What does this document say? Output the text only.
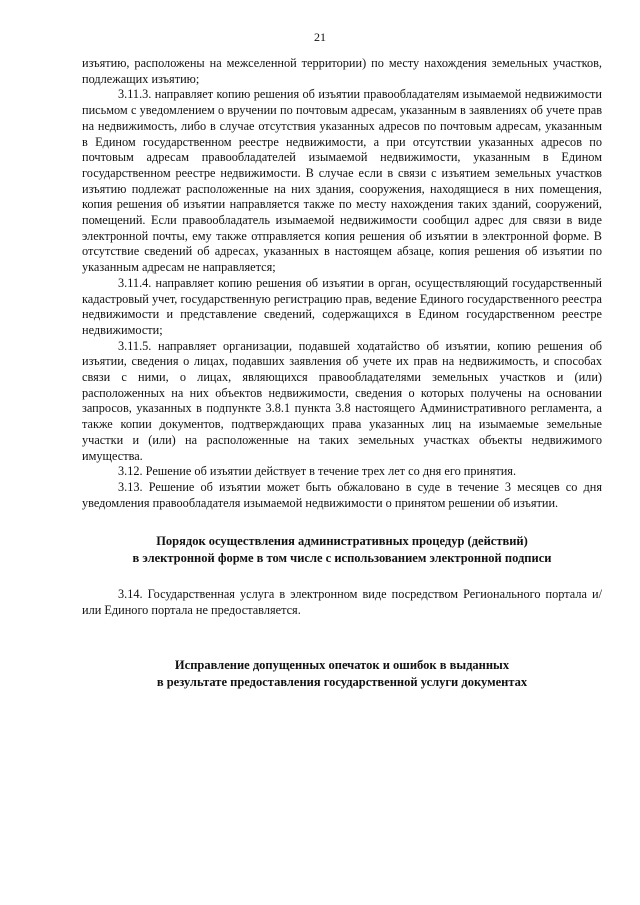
21

изъятию, расположены на межселенной территории) по месту нахождения земельных участков, подлежащих изъятию;

3.11.3. направляет копию решения об изъятии правообладателям изымаемой недвижимости письмом с уведомлением о вручении по почтовым адресам, указанным в заявлениях об учете прав на недвижимость, либо в случае отсутствия указанных адресов по почтовым адресам, указанным в Едином государственном реестре недвижимости, а при отсутствии указанных адресов по почтовым адресам правообладателей изымаемой недвижимости, указанным в Едином государственном реестре недвижимости. В случае если в связи с изъятием земельных участков изъятию подлежат расположенные на них здания, сооружения, находящиеся в них помещения, копия решения об изъятии направляется также по месту нахождения таких зданий, сооружений, помещений. Если правообладатель изымаемой недвижимости сообщил адрес для связи в виде электронной почты, ему также отправляется копия решения об изъятии в электронной форме. В отсутствие сведений об адресах, указанных в настоящем абзаце, копия решения об изъятии по указанным адресам не направляется;

3.11.4. направляет копию решения об изъятии в орган, осуществляющий государственный кадастровый учет, государственную регистрацию прав, ведение Единого государственного реестра недвижимости и представление сведений, содержащихся в Едином государственном реестре недвижимости;

3.11.5. направляет организации, подавшей ходатайство об изъятии, копию решения об изъятии, сведения о лицах, подавших заявления об учете их прав на недвижимость, и способах связи с ними, о лицах, являющихся правообладателями земельных участков и (или) расположенных на них объектов недвижимости, сведения о которых получены на основании запросов, указанных в подпункте 3.8.1 пункта 3.8 настоящего Административного регламента, а также копии документов, подтверждающих права указанных лиц на изымаемые земельные участки и (или) на расположенные на таких земельных участках объекты недвижимого имущества.

3.12. Решение об изъятии действует в течение трех лет со дня его принятия.

3.13. Решение об изъятии может быть обжаловано в суде в течение 3 месяцев со дня уведомления правообладателя изымаемой недвижимости о принятом решении об изъятии.

Порядок осуществления административных процедур (действий)
в электронной форме в том числе с использованием электронной подписи

3.14. Государственная услуга в электронном виде посредством Регионального портала и/или Единого портала не предоставляется.

Исправление допущенных опечаток и ошибок в выданных
в результате предоставления государственной услуги документах
